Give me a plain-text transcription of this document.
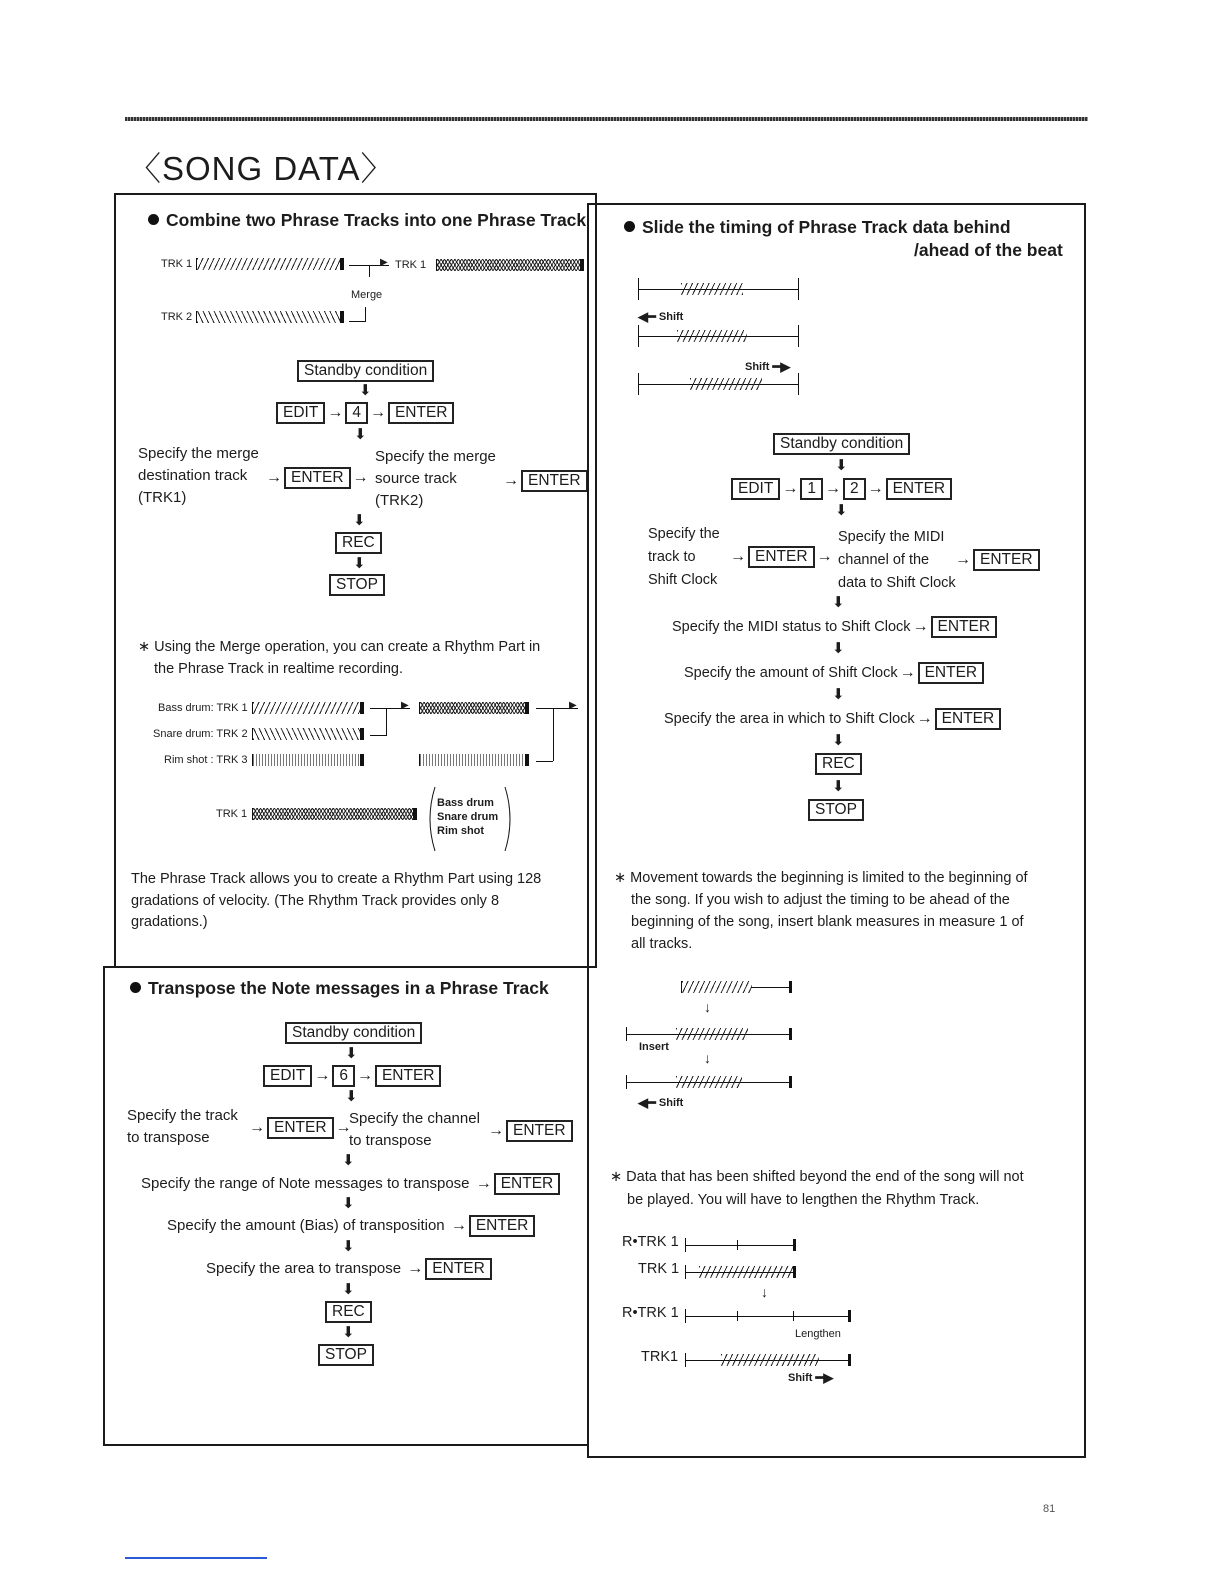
〈SONG DATA〉
Combine two Phrase Tracks into one Phrase Track
TRK 1	▶ TRK 1
Merge
TRK 2
Standby condition
⬇
EDIT → 4 → ENTER
⬇
Specify the merge
destination track
(TRK1)
→ ENTER →
Specify the merge
source track
(TRK2)
→ ENTER
⬇
REC
⬇
STOP
∗ Using the Merge operation, you can create a Rhythm Part in
the Phrase Track in realtime recording.
Bass drum: TRK 1
Snare drum: TRK 2
Rim shot : TRK 3
▶	▶
TRK 1
Bass drum
Snare drum
Rim shot
The Phrase Track allows you to create a Rhythm Part using 128
gradations of velocity. (The Rhythm Track provides only 8
gradations.)
Transpose the Note messages in a Phrase Track
Standby condition
⬇
EDIT → 6 → ENTER
⬇
Specify the track
to transpose
→ ENTER →
Specify the channel
to transpose
→ ENTER
⬇
Specify the range of Note messages to transpose → ENTER
⬇
Specify the amount (Bias) of transposition → ENTER
⬇
Specify the area to transpose → ENTER
⬇
REC
⬇
STOP
Slide the timing of Phrase Track data behind
/ahead of the beat
◀━ Shift
Shift ━▶
Standby condition
⬇
EDIT → 1 → 2 → ENTER
⬇
Specify the
track to
Shift Clock
→ ENTER →
Specify the MIDI
channel of the
data to Shift Clock
→ ENTER
⬇
Specify the MIDI status to Shift Clock → ENTER
⬇
Specify the amount of Shift Clock → ENTER
⬇
Specify the area in which to Shift Clock → ENTER
⬇
REC
⬇
STOP
∗ Movement towards the beginning is limited to the beginning of
the song. If you wish to adjust the timing to be ahead of the
beginning of the song, insert blank measures in measure 1 of
all tracks.
↓
Insert
↓
◀━ Shift
∗ Data that has been shifted beyond the end of the song will not
be played. You will have to lengthen the Rhythm Track.
R•TRK 1
TRK 1
↓
R•TRK 1
Lengthen
TRK1
Shift ━▶
81
